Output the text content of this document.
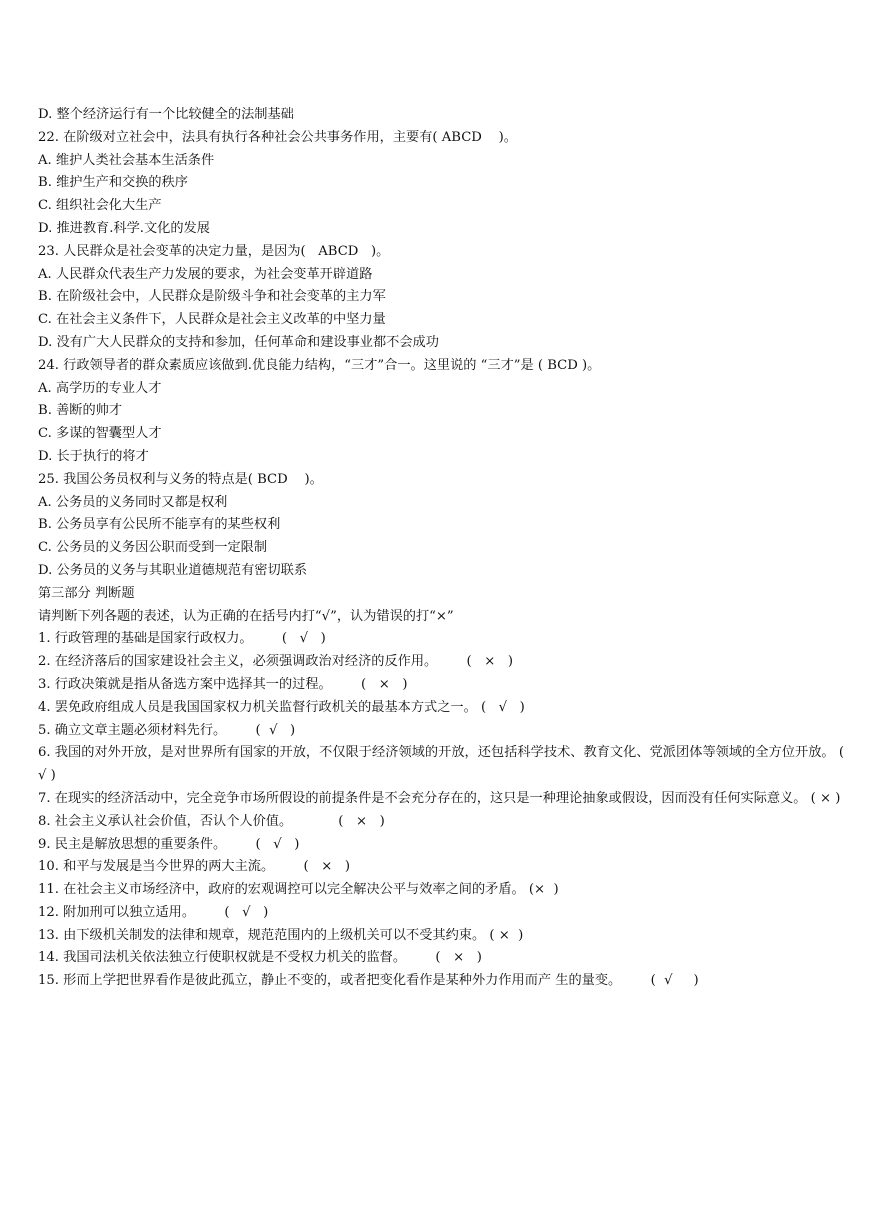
D. 整个经济运行有一个比较健全的法制基础

22. 在阶级对立社会中，法具有执行各种社会公共事务作用，主要有( ABCD    )。

A. 维护人类社会基本生活条件

B. 维护生产和交换的秩序

C. 组织社会化大生产

D. 推进教育.科学.文化的发展

23. 人民群众是社会变革的决定力量，是因为(   ABCD   )。

A. 人民群众代表生产力发展的要求，为社会变革开辟道路

B. 在阶级社会中，人民群众是阶级斗争和社会变革的主力军

C. 在社会主义条件下，人民群众是社会主义改革的中坚力量

D. 没有广大人民群众的支持和参加，任何革命和建设事业都不会成功

24. 行政领导者的群众素质应该做到.优良能力结构，“三才”合一。这里说的 “三才”是 ( BCD )。

A. 高学历的专业人才

B. 善断的帅才

C. 多谋的智囊型人才

D. 长于执行的将才

25. 我国公务员权利与义务的特点是( BCD    )。

A. 公务员的义务同时又都是权利

B. 公务员享有公民所不能享有的某些权利

C. 公务员的义务因公职而受到一定限制

D. 公务员的义务与其职业道德规范有密切联系

第三部分 判断题

请判断下列各题的表述，认为正确的在括号内打“√”，认为错误的打“×”

1. 行政管理的基础是国家行政权力。       (   √   )

2. 在经济落后的国家建设社会主义，必须强调政治对经济的反作用。       (   ×   )

3. 行政决策就是指从备选方案中选择其一的过程。       (   ×   )

4. 罢免政府组成人员是我国国家权力机关监督行政机关的最基本方式之一。 (   √   )

5. 确立文章主题必须材料先行。       (  √   )

6. 我国的对外开放，是对世界所有国家的开放，不仅限于经济领域的开放，还包括科学技术、教育文化、党派团体等领域的全方位开放。 ( √ )

7. 在现实的经济活动中，完全竞争市场所假设的前提条件是不会充分存在的，这只是一种理论抽象或假设，因而没有任何实际意义。 ( × )

8. 社会主义承认社会价值，否认个人价值。           (   ×   )

9. 民主是解放思想的重要条件。       (   √   )

10. 和平与发展是当今世界的两大主流。       (   ×   )

11. 在社会主义市场经济中，政府的宏观调控可以完全解决公平与效率之间的矛盾。 (×  )

12. 附加刑可以独立适用。       (   √   )

13. 由下级机关制发的法律和规章，规范范围内的上级机关可以不受其约束。 ( ×  )

14. 我国司法机关依法独立行使职权就是不受权力机关的监督。       (   ×   )

15. 形而上学把世界看作是彼此孤立，静止不变的，或者把变化看作是某种外力作用而产 生的量变。       (  √     )
